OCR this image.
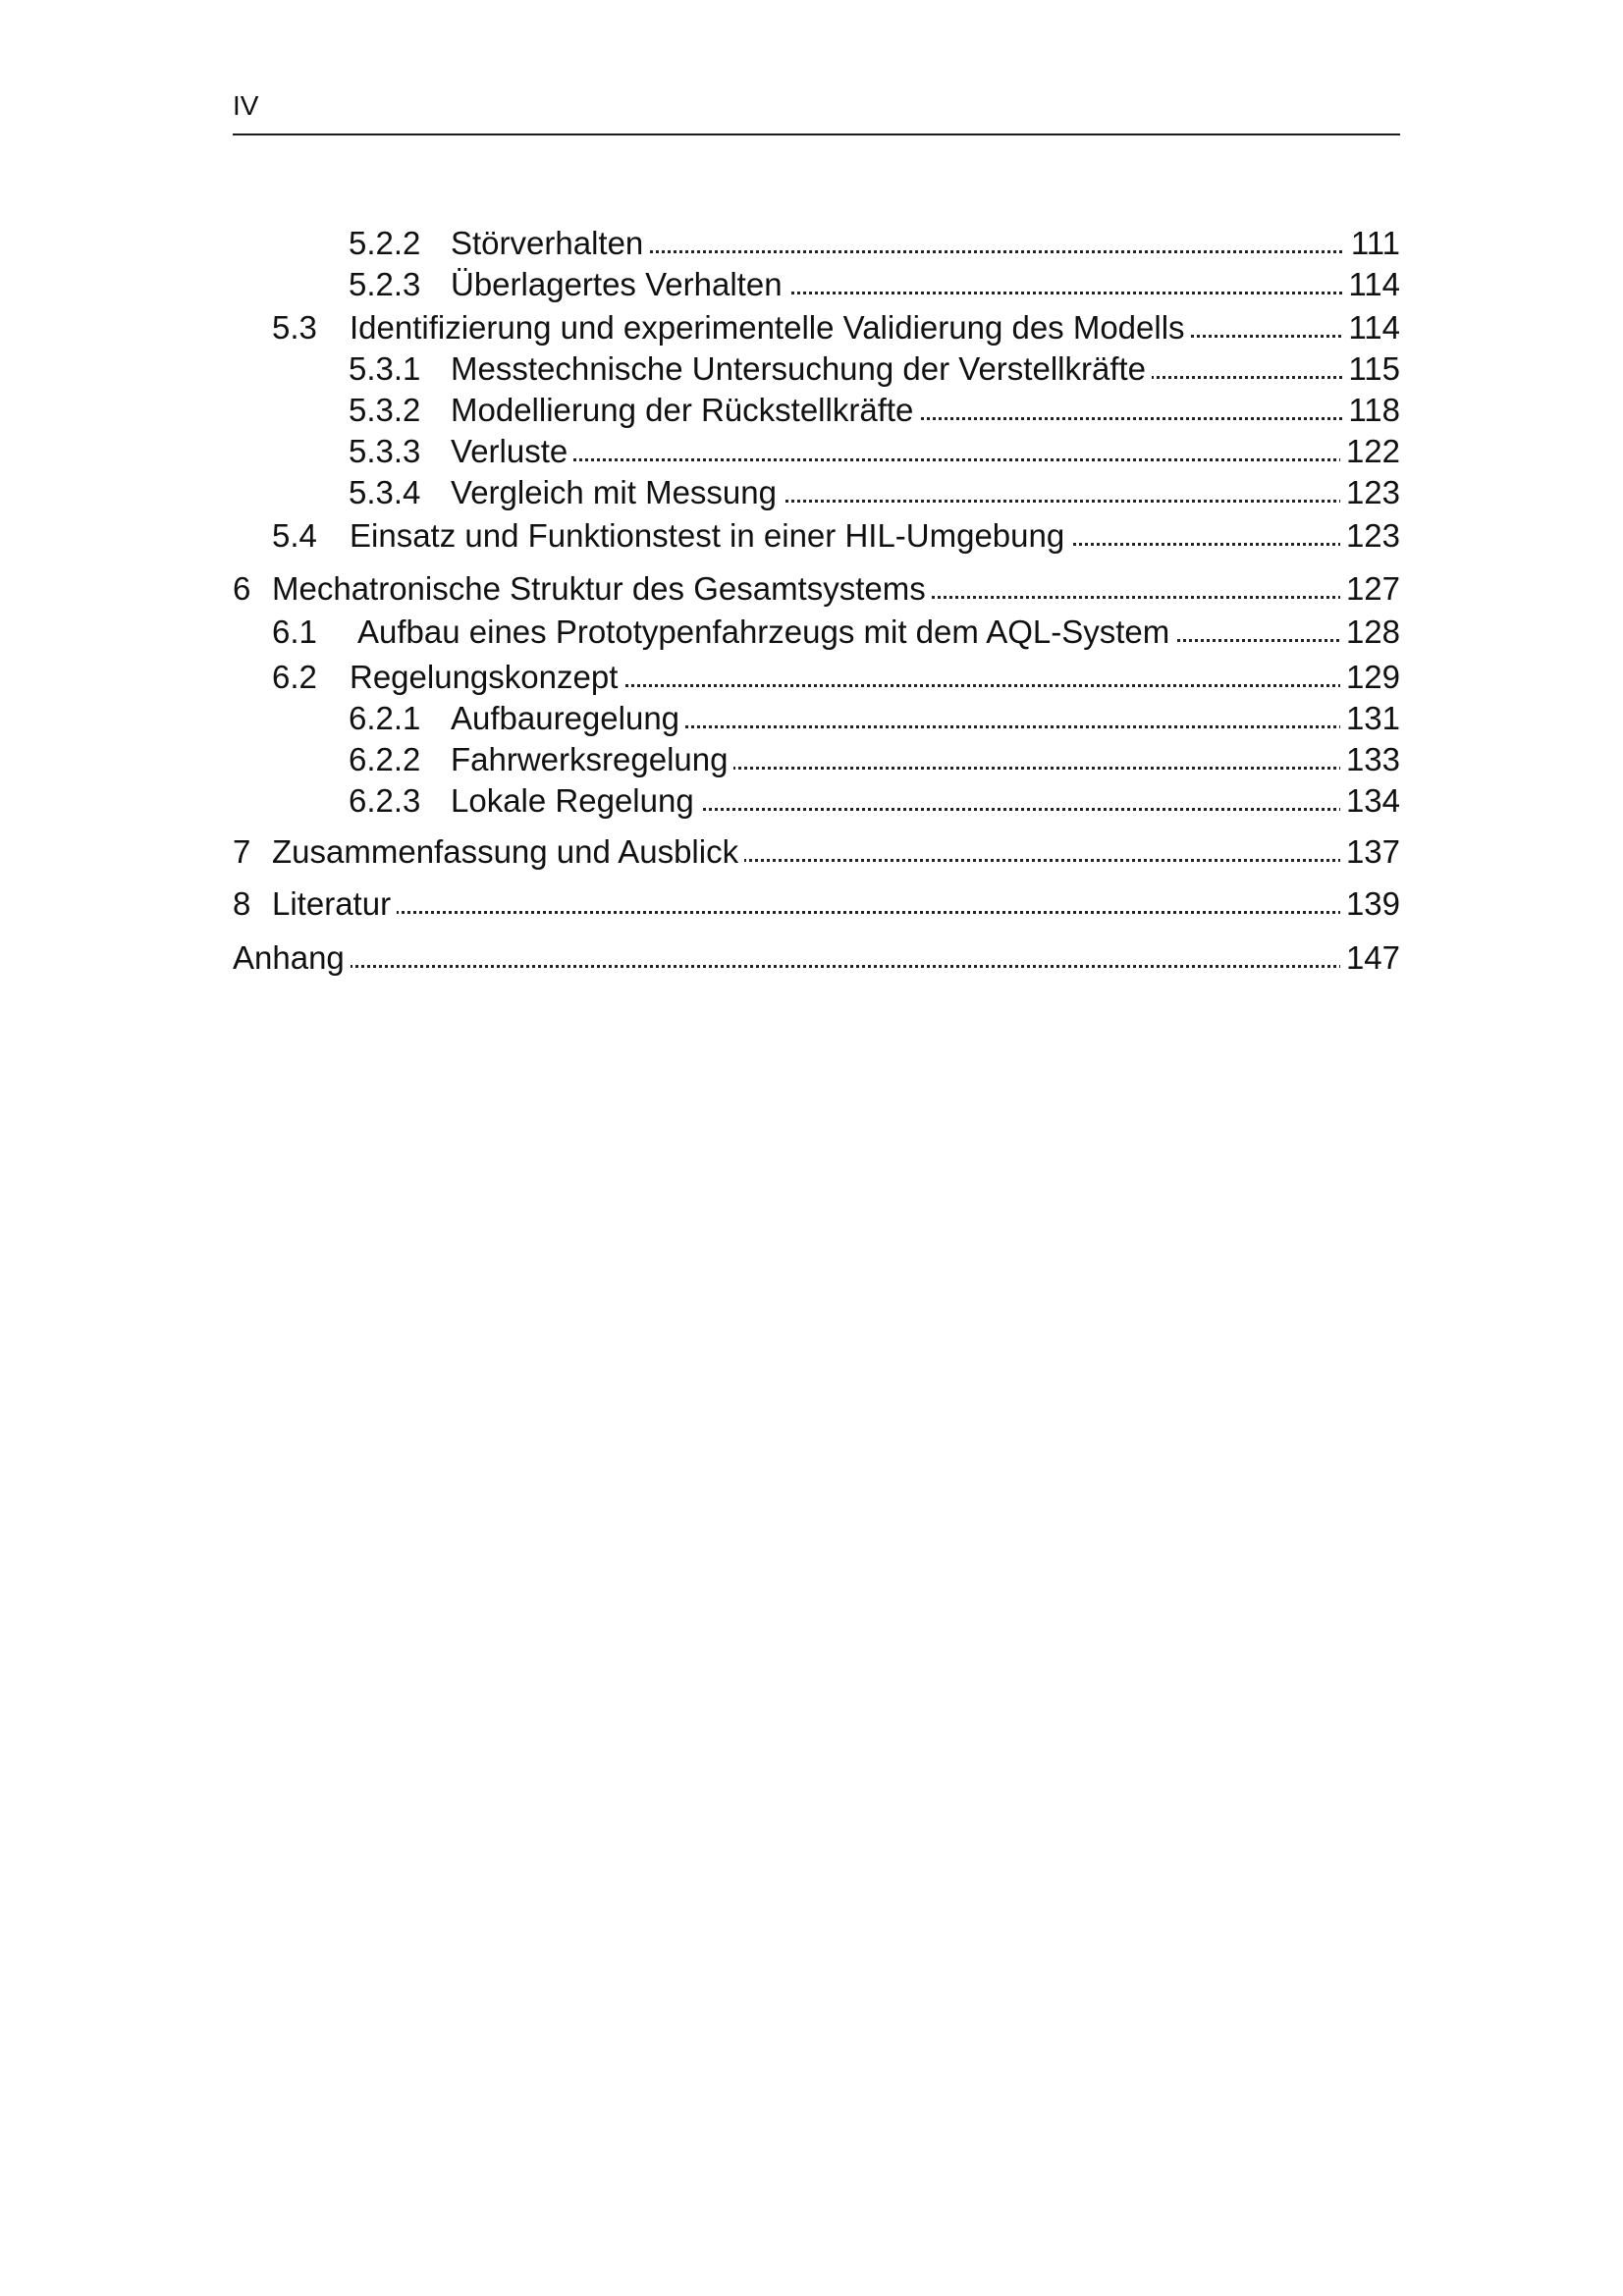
IV
5.2.2 Störverhalten	111
5.2.3 Überlagertes Verhalten	114
5.3 Identifizierung und experimentelle Validierung des Modells	114
5.3.1 Messtechnische Untersuchung der Verstellkräfte	115
5.3.2 Modellierung der Rückstellkräfte	118
5.3.3 Verluste	122
5.3.4 Vergleich mit Messung	123
5.4 Einsatz und Funktionstest in einer HIL-Umgebung	123
6 Mechatronische Struktur des Gesamtsystems	127
6.1 Aufbau eines Prototypenfahrzeugs mit dem AQL-System	128
6.2 Regelungskonzept	129
6.2.1 Aufbauregelung	131
6.2.2 Fahrwerksregelung	133
6.2.3 Lokale Regelung	134
7 Zusammenfassung und Ausblick	137
8 Literatur	139
Anhang	147
